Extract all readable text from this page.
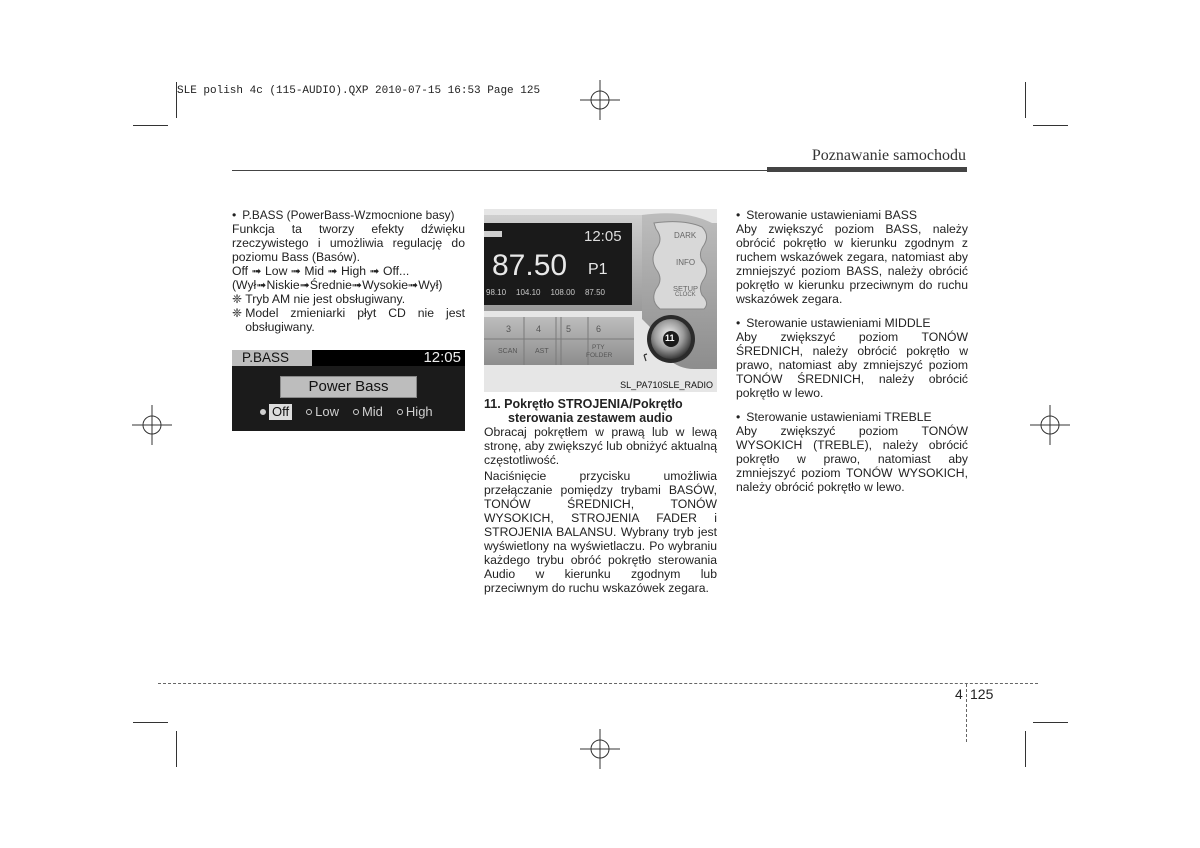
SLE polish 4c (115-AUDIO).QXP 2010-07-15 16:53 Page 125
Poznawanie samochodu
• P.BASS (PowerBass-Wzmocnione basy)

Funkcja ta tworzy efekty dźwięku rzeczywistego i umożliwia regulację do poziomu Bass (Basów).

Off ➟ Low ➟ Mid ➟ High ➟ Off...

(Wył➟Niskie➟Średnie➟Wysokie➟Wył)

❈ Tryb AM nie jest obsługiwany.
❈ Model zmieniarki płyt CD nie jest obsługiwany.
P.BASS	12:05
Power Bass
Off Low Mid High
12:05
87.50 P1
98.10 104.10 108.00 87.50
DARK
INFO
SETUP
CLOCK
3	4	5	6
SCAN	AST
PTY
FOLDER
11
SL_PA710SLE_RADIO

11. Pokrętło STROJENIA/Pokrętło

sterowania zestawem audio

Obracaj pokrętłem w prawą lub w lewą stronę, aby zwiększyć lub obniżyć aktualną częstotliwość.

Naciśnięcie przycisku umożliwia przełączanie pomiędzy trybami BASÓW, TONÓW ŚREDNICH, TONÓW WYSOKICH, STROJENIA FADER i STROJENIA BALANSU. Wybrany tryb jest wyświetlony na wyświetlaczu. Po wybraniu każdego trybu obróć pokrętło sterowania Audio w kierunku zgodnym lub przeciwnym do ruchu wskazówek zegara.

• Sterowanie ustawieniami BASS

Aby zwiększyć poziom BASS, należy obrócić pokrętło w kierunku zgodnym z ruchem wskazówek zegara, natomiast aby zmniejszyć poziom BASS, należy obrócić pokrętło w kierunku przeciwnym do ruchu wskazówek zegara.

• Sterowanie ustawieniami MIDDLE

Aby zwiększyć poziom TONÓW ŚREDNICH, należy obrócić pokrętło w prawo, natomiast aby zmniejszyć poziom TONÓW ŚREDNICH, należy obrócić pokrętło w lewo.

• Sterowanie ustawieniami TREBLE

Aby zwiększyć poziom TONÓW WYSOKICH (TREBLE), należy obrócić pokrętło w prawo, natomiast aby zmniejszyć poziom TONÓW WYSOKICH, należy obrócić pokrętło w lewo.

4 125
